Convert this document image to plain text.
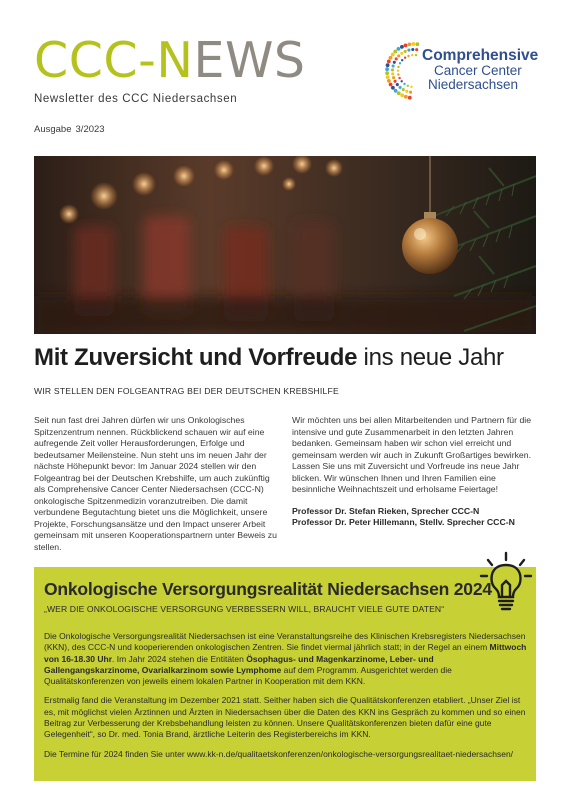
CCC-NEWS
Newsletter des CCC Niedersachsen
Ausgabe 3/2023
Comprehensive
Cancer Center
Niedersachsen
Mit Zuversicht und Vorfreude ins neue Jahr
WIR STELLEN DEN FOLGEANTRAG BEI DER DEUTSCHEN KREBSHILFE

Seit nun fast drei Jahren dürfen wir uns Onkologisches Spitzenzentrum nennen. Rückblickend schauen wir auf eine aufregende Zeit voller Herausforderungen, Erfolge und bedeutsamer Meilensteine. Nun steht uns im neuen Jahr der nächste Höhepunkt bevor: Im Januar 2024 stellen wir den Folgeantrag bei der Deutschen Krebshilfe, um auch zukünftig als Comprehensive Cancer Center Niedersachsen (CCC-N) onkologische Spitzenmedizin voranzutreiben. Die damit verbundene Begutachtung bietet uns die Möglichkeit, unsere Projekte, Forschungsansätze und den Impact unserer Arbeit gemeinsam mit unseren Kooperationspartnern unter Beweis zu stellen.

Wir möchten uns bei allen Mitarbeitenden und Partnern für die intensive und gute Zusammenarbeit in den letzten Jahren bedanken. Gemeinsam haben wir schon viel erreicht und gemeinsam werden wir auch in Zukunft Großartiges bewirken. Lassen Sie uns mit Zuversicht und Vorfreude ins neue Jahr blicken. Wir wünschen Ihnen und Ihren Familien eine besinnliche Weihnachtszeit und erholsame Feiertage!

Professor Dr. Stefan Rieken, Sprecher CCC-N

Professor Dr. Peter Hillemann, Stellv. Sprecher CCC-N

Onkologische Versorgungsrealität Niedersachsen 2024
„WER DIE ONKOLOGISCHE VERSORGUNG VERBESSERN WILL, BRAUCHT VIELE GUTE DATEN“

Die Onkologische Versorgungsrealität Niedersachsen ist eine Veranstaltungsreihe des Klinischen Krebsregisters Niedersachsen (KKN), des CCC-N und kooperierenden onkologischen Zentren. Sie findet viermal jährlich statt; in der Regel an einem Mittwoch von 16-18.30 Uhr. Im Jahr 2024 stehen die Entitäten Ösophagus- und Magenkarzinome, Leber- und Gallengangskarzinome, Ovarialkarzinom sowie Lymphome auf dem Programm. Ausgerichtet werden die Qualitätskonferenzen von jeweils einem lokalen Partner in Kooperation mit dem KKN.

Erstmalig fand die Veranstaltung im Dezember 2021 statt. Seither haben sich die Qualitätskonferenzen etabliert. „Unser Ziel ist es, mit möglichst vielen Ärztinnen und Ärzten in Niedersachsen über die Daten des KKN ins Gespräch zu kommen und so einen Beitrag zur Verbesserung der Krebsbehandlung leisten zu können. Unsere Qualitätskonferenzen bieten dafür eine gute Gelegenheit“, so Dr. med. Tonia Brand, ärztliche Leiterin des Registerbereichs im KKN.

Die Termine für 2024 finden Sie unter www.kk-n.de/qualitaetskonferenzen/onkologische-versorgungsrealitaet-niedersachsen/
